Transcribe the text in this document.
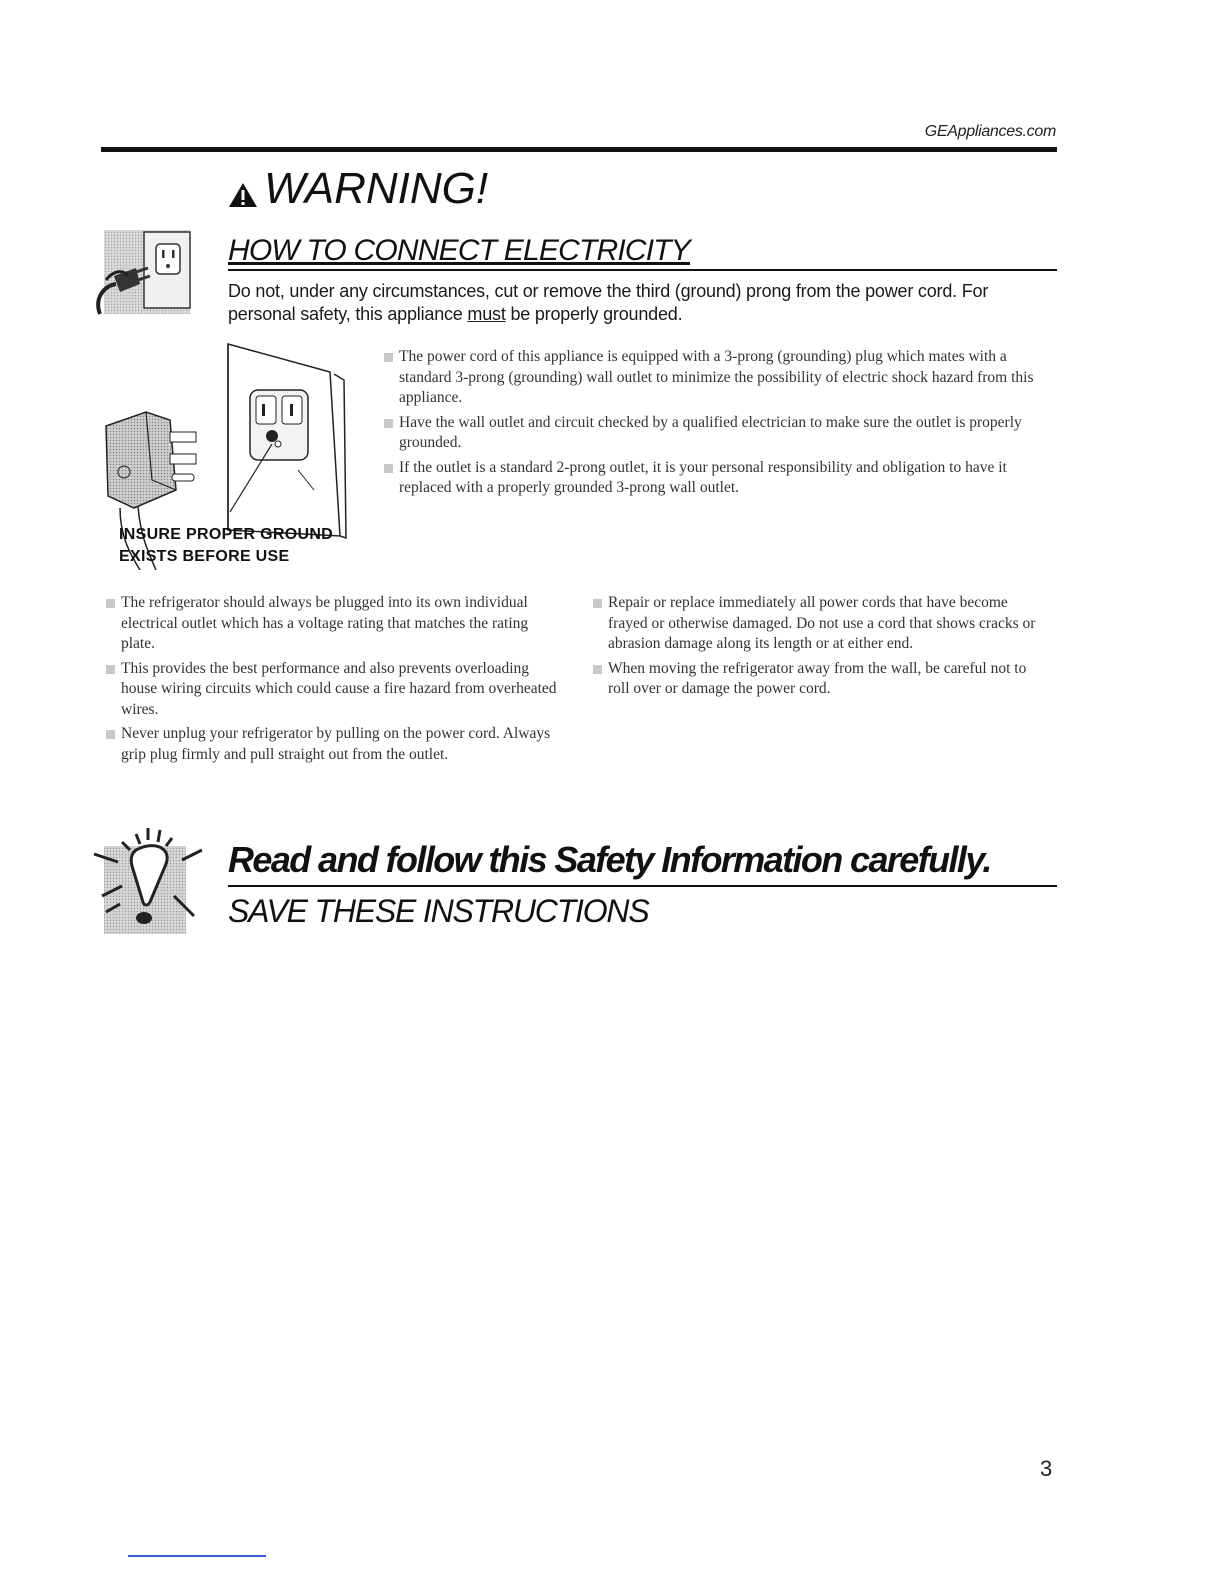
GEAppliances.com
WARNING!
HOW TO CONNECT ELECTRICITY
Do not, under any circumstances, cut or remove the third (ground) prong from the power cord. For personal safety, this appliance must be properly grounded.
INSURE PROPER GROUND
EXISTS BEFORE USE
The power cord of this appliance is equipped with a 3-prong (grounding) plug which mates with a standard 3-prong (grounding) wall outlet to minimize the possibility of electric shock hazard from this appliance.
Have the wall outlet and circuit checked by a qualified electrician to make sure the outlet is properly grounded.
If the outlet is a standard 2-prong outlet, it is your personal responsibility and obligation to have it replaced with a properly grounded 3-prong wall outlet.
The refrigerator should always be plugged into its own individual electrical outlet which has a voltage rating that matches the rating plate.
This provides the best performance and also prevents overloading house wiring circuits which could cause a fire hazard from overheated wires.
Never unplug your refrigerator by pulling on the power cord. Always grip plug firmly and pull straight out from the outlet.
Repair or replace immediately all power cords that have become frayed or otherwise damaged. Do not use a cord that shows cracks or abrasion damage along its length or at either end.
When moving the refrigerator away from the wall, be careful not to roll over or damage the power cord.
Read and follow this Safety Information carefully.
SAVE THESE INSTRUCTIONS
3
